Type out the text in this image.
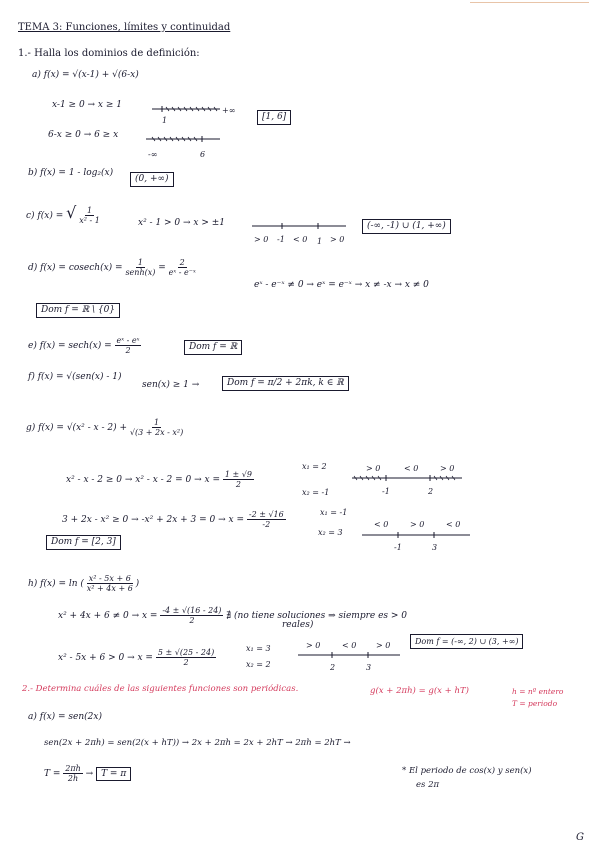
TEMA 3: Funciones, límites y continuidad
1.- Halla los dominios de definición:
a) f(x) = √(x-1) + √(6-x)
x-1 ≥ 0 → x ≥ 1
+∞
1	[1, 6]
6-x ≥ 0 → 6 ≥ x
-∞	6
b) f(x) = 1 - log₂(x)
(0, +∞)
c) f(x) = √ $\frac{1}{\text{x² - 1}}$	x² - 1 > 0 → x > ±1
> 0 -1 < 0 1 > 0
(-∞, -1) ∪ (1, +∞)
d) $f(x) = cosech(x) = \frac{1}{\text{senh(x)}} = \frac{2}{\text{eˣ - e⁻ˣ}}$
eˣ - e⁻ˣ ≠ 0 → eˣ = e⁻ˣ → x ≠ -x → x ≠ 0
Dom f = ℝ \ {0}
e) $f(x) = \sec h(x) = \frac{\text{eˣ - eˣ}}{2}$	Dom f = ℝ
f) f(x) = √(sen(x) - 1)
sen(x) ≥ 1 →	Dom f = π/2 + 2πk, k ∈ ℝ
g) $f(x) = √(x^2 - x - 2) + \frac{1}{\text{√(3 + 2x - x²)}}$
$x^2 - x - 2 \ge 0 \to x^2 - x - 2 = 0 \to x = \frac{1 \pm √9}{2}$
x₁ = 2
x₂ = -1
> 0	< 0	> 0
-1	2
$3 + 2x - x^2 \ge 0 \to -x^2 + 2x + 3 = 0 \to x = \frac{-2 \pm √16}{-2}$	x₁ = -1
x₂ = 3
< 0	> 0	< 0
-1	3
Dom f = [2, 3]
h) f(x) = ln ( $\frac{\text{x² - 5x + 6}}{\text{x² + 4x + 6}}$ )
$x^2 + 4x + 6 \ne 0 \to x = \frac{-4 \pm √(16 - 24)}{2}$ ∄ (no tiene soluciones ⇒ siempre es > 0
reales)
$x^2 - 5x + 6 > 0 \to x = \frac{5 \pm √(25 - 24)}{2}$	x₁ = 3
x₂ = 2
> 0	< 0 > 0
2	3
Dom f = (-∞, 2) ∪ (3, +∞)
2.- Determina cuáles de las siguientes funciones son periódicas.	g(x + 2πh) = g(x + hT)	h = nº entero
T = periodo
a) f(x) = sen(2x)
sen(2x + 2πh) = sen(2(x + hT)) → 2x + 2πh = 2x + 2hT → 2πh = 2hT →
$T = \frac{2\pi h}{2h} \to T = \pi$	* El periodo de cos(x) y sen(x)
es 2π
G
